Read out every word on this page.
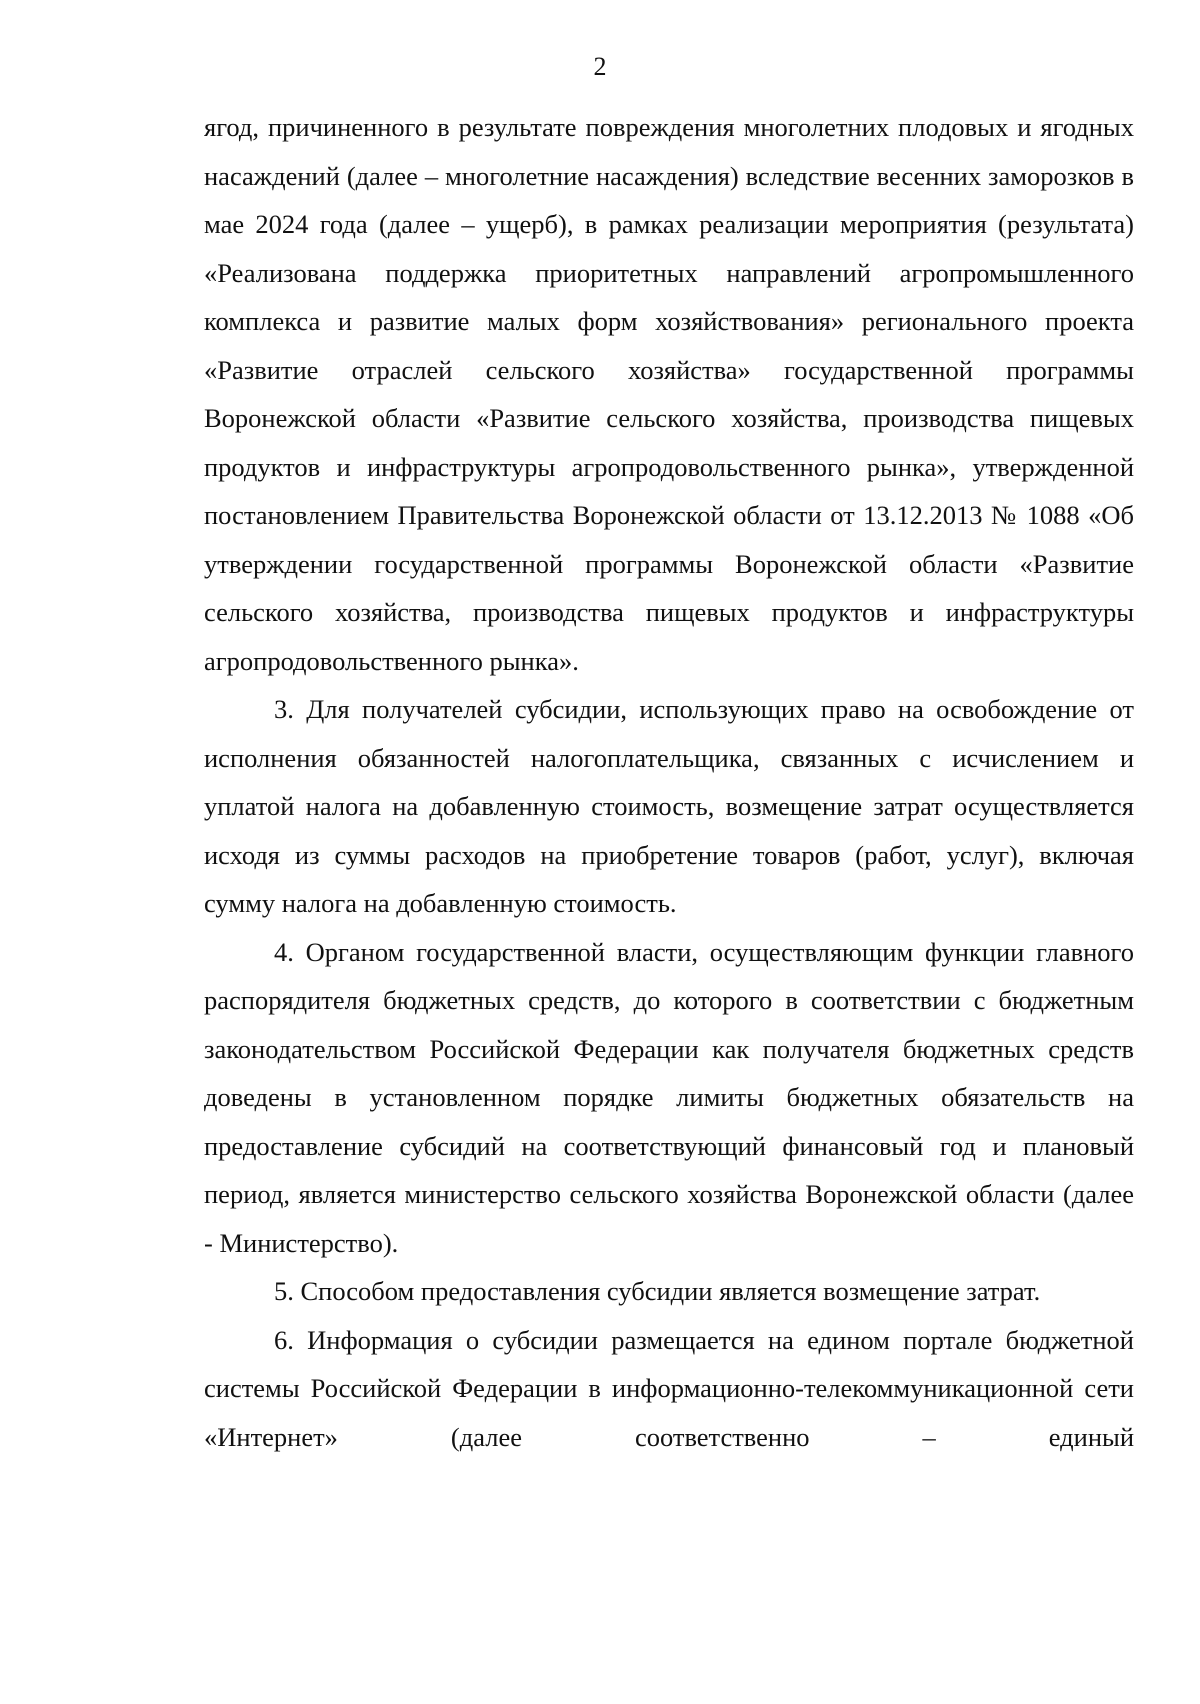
2

ягод, причиненного в результате повреждения многолетних плодовых и ягодных насаждений (далее – многолетние насаждения) вследствие весенних заморозков в мае 2024 года (далее – ущерб), в рамках реализации мероприятия (результата) «Реализована поддержка приоритетных направлений агропромышленного комплекса и развитие малых форм хозяйствования» регионального проекта «Развитие отраслей сельского хозяйства» государственной программы Воронежской области «Развитие сельского хозяйства, производства пищевых продуктов и инфраструктуры агропродовольственного рынка», утвержденной постановлением Правительства Воронежской области от 13.12.2013 № 1088 «Об утверждении государственной программы Воронежской области «Развитие сельского хозяйства, производства пищевых продуктов и инфраструктуры агропродовольственного рынка».

3. Для получателей субсидии, использующих право на освобождение от исполнения обязанностей налогоплательщика, связанных с исчислением и уплатой налога на добавленную стоимость, возмещение затрат осуществляется исходя из суммы расходов на приобретение товаров (работ, услуг), включая сумму налога на добавленную стоимость.

4. Органом государственной власти, осуществляющим функции главного распорядителя бюджетных средств, до которого в соответствии с бюджетным законодательством Российской Федерации как получателя бюджетных средств доведены в установленном порядке лимиты бюджетных обязательств на предоставление субсидий на соответствующий финансовый год и плановый период, является министерство сельского хозяйства Воронежской области (далее - Министерство).

5. Способом предоставления субсидии является возмещение затрат.

6. Информация о субсидии размещается на едином портале бюджетной системы Российской Федерации в информационно-телекоммуникационной сети «Интернет» (далее соответственно – единый
